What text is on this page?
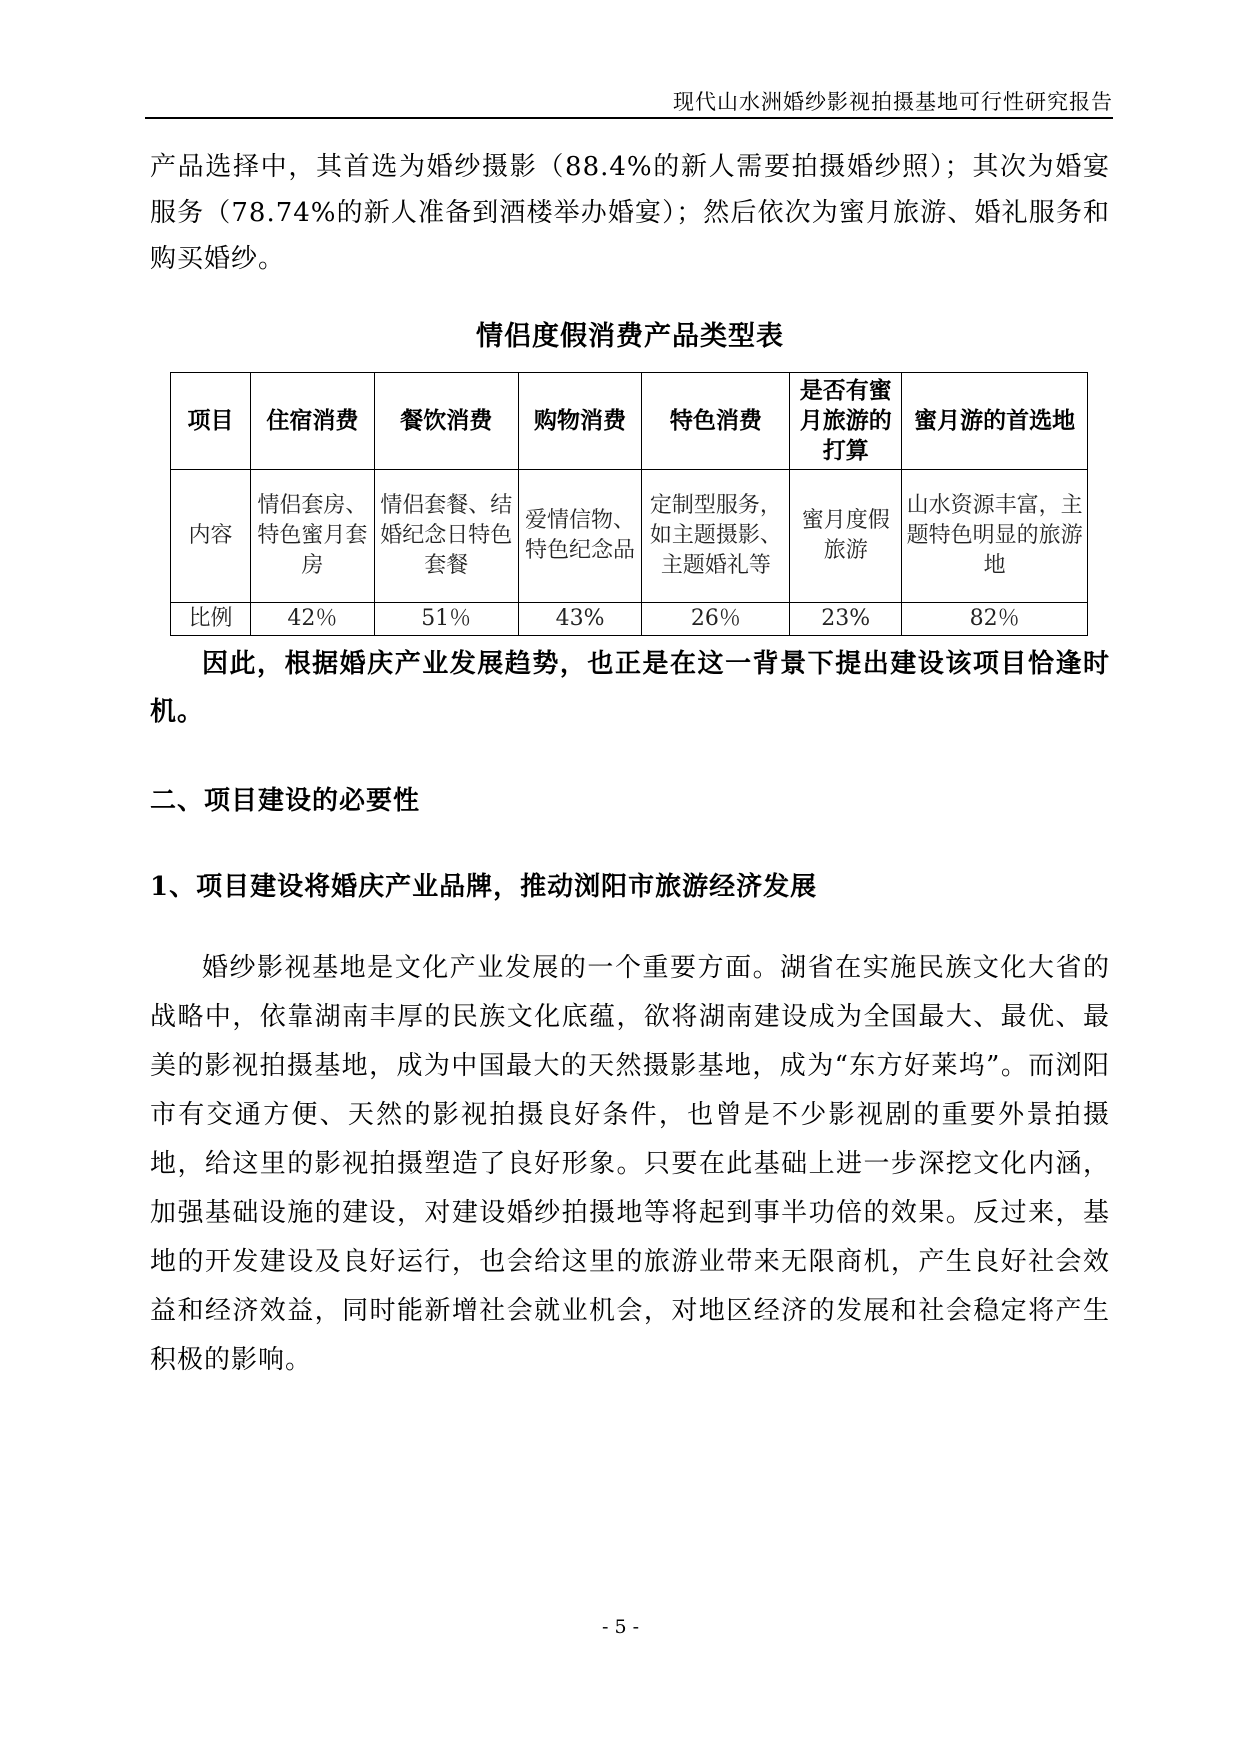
现代山水洲婚纱影视拍摄基地可行性研究报告

产品选择中，其首选为婚纱摄影（88.4%的新人需要拍摄婚纱照）；其次为婚宴服务（78.74%的新人准备到酒楼举办婚宴）；然后依次为蜜月旅游、婚礼服务和购买婚纱。

情侣度假消费产品类型表
项目	住宿消费	餐饮消费	购物消费	特色消费	是否有蜜月旅游的打算	蜜月游的首选地
内容	情侣套房、特色蜜月套房	情侣套餐、结婚纪念日特色套餐	爱情信物、特色纪念品	定制型服务，如主题摄影、主题婚礼等	蜜月度假旅游	山水资源丰富，主题特色明显的旅游地
比例	42％	51％	43%	26％	23%	82％

因此，根据婚庆产业发展趋势，也正是在这一背景下提出建设该项目恰逢时机。

二、项目建设的必要性
1、项目建设将婚庆产业品牌，推动浏阳市旅游经济发展

婚纱影视基地是文化产业发展的一个重要方面。湖省在实施民族文化大省的战略中，依靠湖南丰厚的民族文化底蕴，欲将湖南建设成为全国最大、最优、最美的影视拍摄基地，成为中国最大的天然摄影基地，成为“东方好莱坞”。而浏阳市有交通方便、天然的影视拍摄良好条件，也曾是不少影视剧的重要外景拍摄地，给这里的影视拍摄塑造了良好形象。只要在此基础上进一步深挖文化内涵，加强基础设施的建设，对建设婚纱拍摄地等将起到事半功倍的效果。反过来，基地的开发建设及良好运行，也会给这里的旅游业带来无限商机，产生良好社会效益和经济效益，同时能新增社会就业机会，对地区经济的发展和社会稳定将产生积极的影响。

- 5 -
